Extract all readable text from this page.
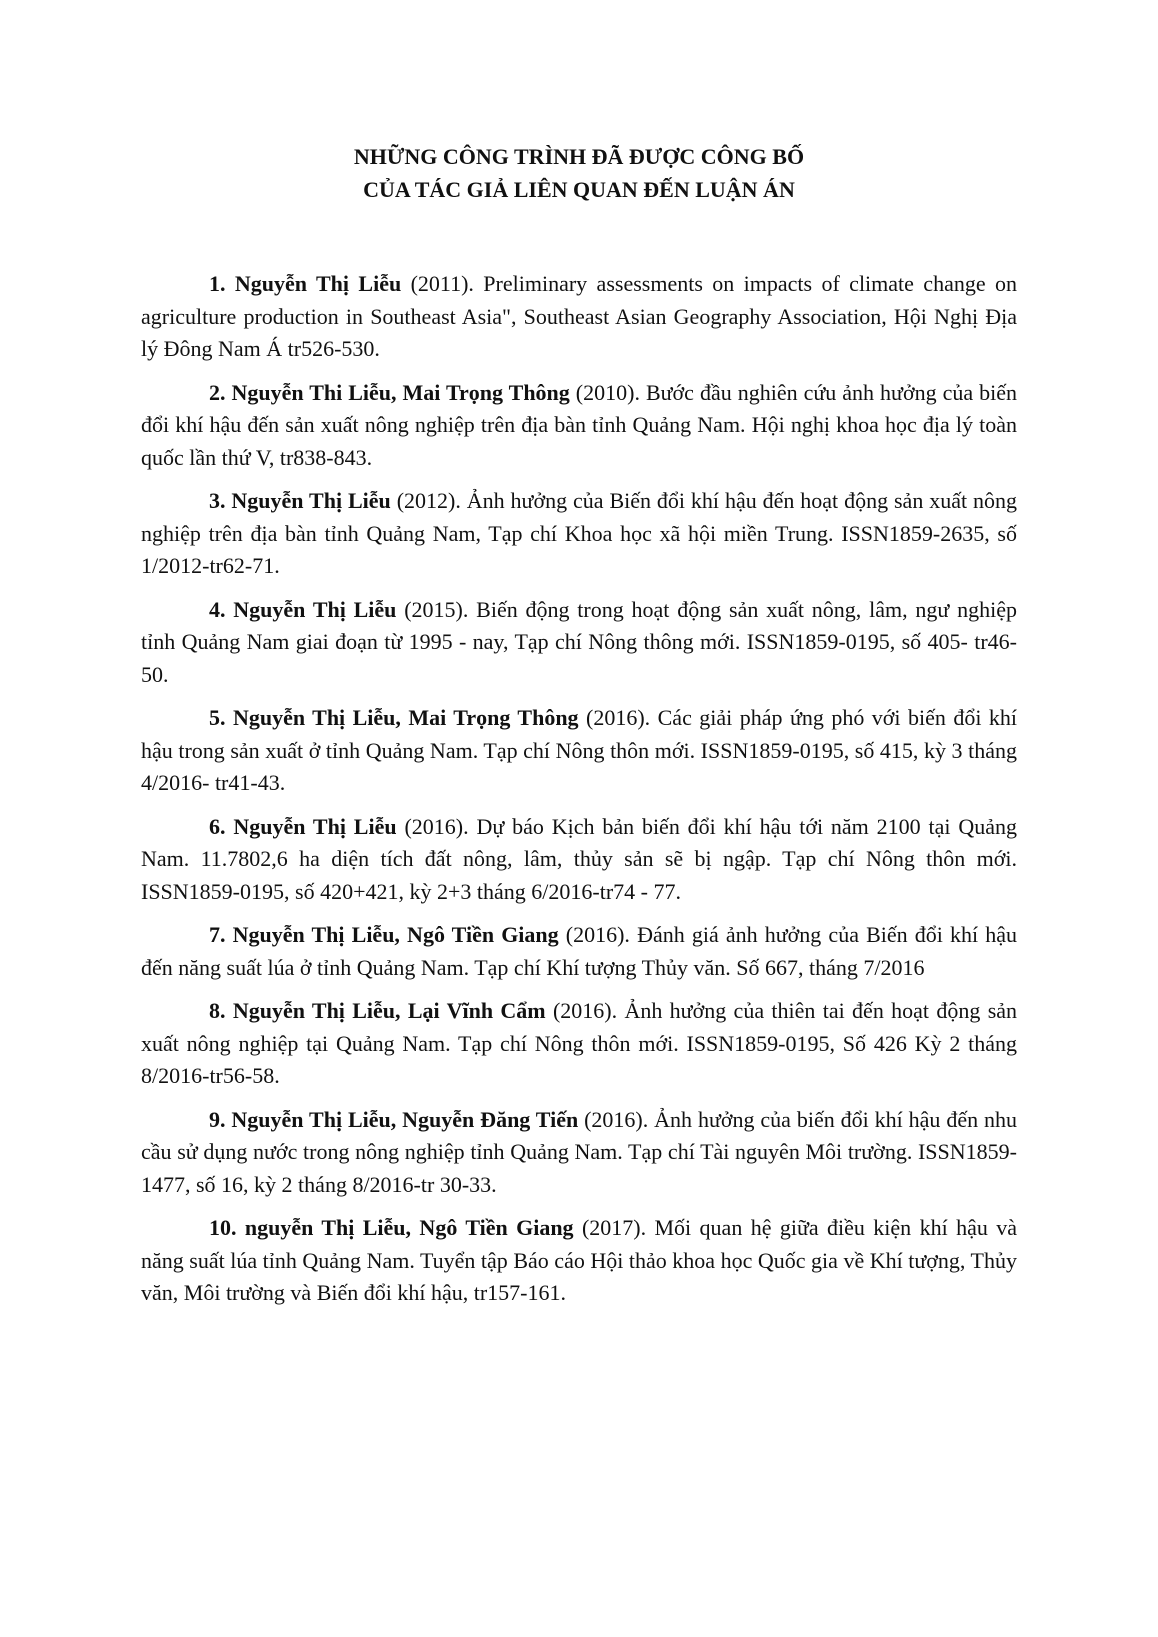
NHỮNG CÔNG TRÌNH ĐÃ ĐƯỢC CÔNG BỐ
CỦA TÁC GIẢ LIÊN QUAN ĐẾN LUẬN ÁN

1. Nguyễn Thị Liễu (2011). Preliminary assessments on impacts of climate change on agriculture production in Southeast Asia", Southeast Asian Geography Association, Hội Nghị Địa lý Đông Nam Á tr526-530.

2. Nguyễn Thi Liễu, Mai Trọng Thông (2010). Bước đầu nghiên cứu ảnh hưởng của biến đổi khí hậu đến sản xuất nông nghiệp trên địa bàn tỉnh Quảng Nam. Hội nghị khoa học địa lý toàn quốc lần thứ V, tr838-843.

3. Nguyễn Thị Liễu (2012). Ảnh hưởng của Biến đổi khí hậu đến hoạt động sản xuất nông nghiệp trên địa bàn tỉnh Quảng Nam, Tạp chí Khoa học xã hội miền Trung. ISSN1859-2635, số 1/2012-tr62-71.

4. Nguyễn Thị Liễu (2015). Biến động trong hoạt động sản xuất nông, lâm, ngư nghiệp tỉnh Quảng Nam giai đoạn từ 1995 - nay, Tạp chí Nông thông mới. ISSN1859-0195, số 405- tr46-50.

5. Nguyễn Thị Liễu, Mai Trọng Thông (2016). Các giải pháp ứng phó với biến đổi khí hậu trong sản xuất ở tỉnh Quảng Nam. Tạp chí Nông thôn mới. ISSN1859-0195, số 415, kỳ 3 tháng 4/2016- tr41-43.

6. Nguyễn Thị Liễu (2016). Dự báo Kịch bản biến đổi khí hậu tới năm 2100 tại Quảng Nam. 11.7802,6 ha diện tích đất nông, lâm, thủy sản sẽ bị ngập. Tạp chí Nông thôn mới. ISSN1859-0195, số 420+421, kỳ 2+3 tháng 6/2016-tr74 - 77.

7. Nguyễn Thị Liễu, Ngô Tiền Giang (2016). Đánh giá ảnh hưởng của Biến đổi khí hậu đến năng suất lúa ở tỉnh Quảng Nam. Tạp chí Khí tượng Thủy văn. Số 667, tháng 7/2016

8. Nguyễn Thị Liễu, Lại Vĩnh Cẩm (2016). Ảnh hưởng của thiên tai đến hoạt động sản xuất nông nghiệp tại Quảng Nam. Tạp chí Nông thôn mới. ISSN1859-0195, Số 426 Kỳ 2 tháng 8/2016-tr56-58.

9. Nguyễn Thị Liễu, Nguyễn Đăng Tiến (2016). Ảnh hưởng của biến đổi khí hậu đến nhu cầu sử dụng nước trong nông nghiệp tỉnh Quảng Nam. Tạp chí Tài nguyên Môi trường. ISSN1859-1477, số 16, kỳ 2 tháng 8/2016-tr 30-33.

10. nguyễn Thị Liễu, Ngô Tiền Giang (2017). Mối quan hệ giữa điều kiện khí hậu và năng suất lúa tỉnh Quảng Nam. Tuyển tập Báo cáo Hội thảo khoa học Quốc gia về Khí tượng, Thủy văn, Môi trường và Biến đổi khí hậu, tr157-161.
